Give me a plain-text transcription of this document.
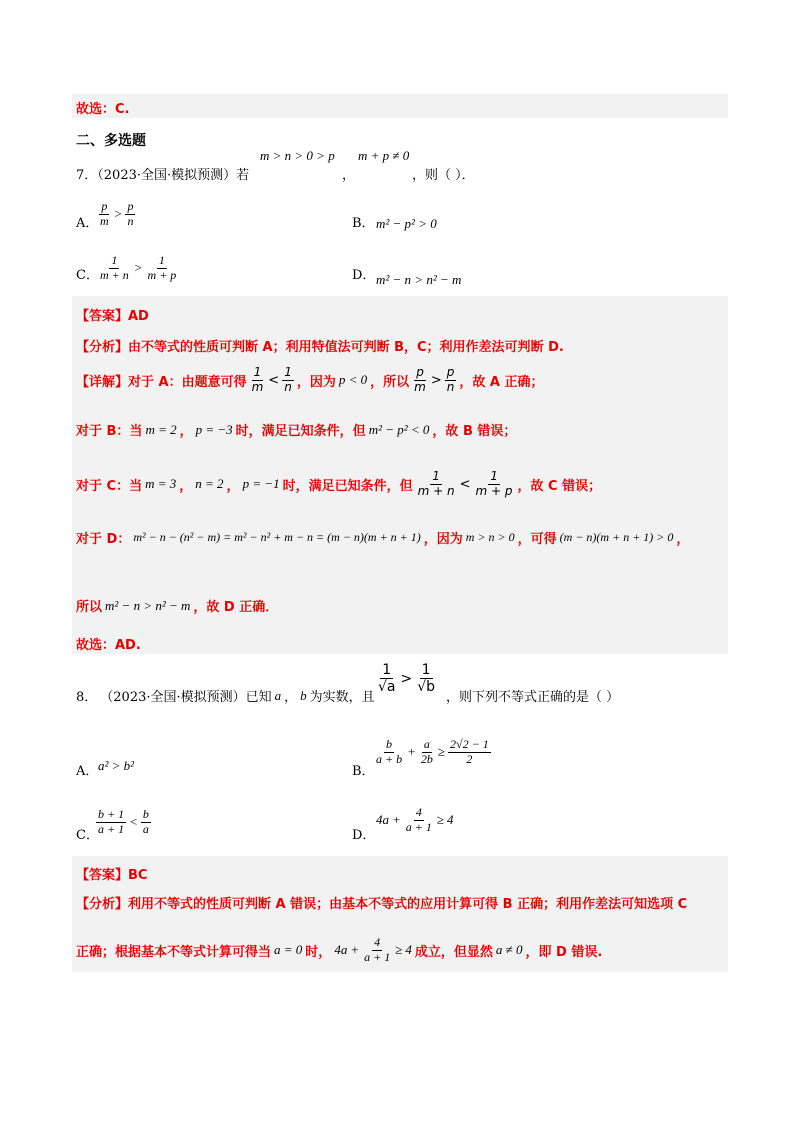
故选：C.
二、多选题
7．（2023·全国·模拟预测）若
m > n > 0 > p
，
m + p ≠ 0
，则（ ）．
A． $\frac{p}{m} > \frac{p}{n}$	B． m² − p² > 0
C． $\frac{1}{m + n} > \frac{1}{m + p}$	D． m² − n > n² − m
【答案】AD
【分析】由不等式的性质可判断 A；利用特值法可判断 B，C；利用作差法可判断 D.
【详解】对于 A：由题意可得 $\frac{1}{m} < \frac{1}{n}$ ，因为 p < 0 ，所以 $\frac{p}{m} > \frac{p}{n}$ ，故 A 正确；
对于 B：当 m = 2 ， p = −3 时，满足已知条件，但 m² − p² < 0 ，故 B 错误；
对于 C：当 m = 3 ， n = 2 ， p = −1 时，满足已知条件，但 $\frac{1}{m + n} < \frac{1}{m + p}$ ，故 C 错误；
对于 D： m² − n − (n² − m) = m² − n² + m − n = (m − n)(m + n + 1) ，因为 m > n > 0 ，可得 (m − n)(m + n + 1) > 0 ，
所以 m² − n > n² − m ，故 D 正确．
故选：AD.
8． （2023·全国·模拟预测）已知 a ， b 为实数，且
$\frac{1}{√a} > \frac{1}{√b}$
，则下列不等式正确的是（ ）
A． a² > b²	B．
$\frac{b}{a + b} + \frac{a}{2b} \ge \frac{2√2 - 1}{2}$
C．
$\frac{b + 1}{a + 1} < \frac{b}{a}$	D．
$4a + \frac{4}{a + 1} \ge 4$
【答案】BC
【分析】利用不等式的性质可判断 A 错误；由基本不等式的应用计算可得 B 正确；利用作差法可知选项 C
正确；根据基本不等式计算可得当 a = 0 时， $4a + \frac{4}{a + 1} \ge 4$ 成立，但显然 a ≠ 0 ，即 D 错误.
